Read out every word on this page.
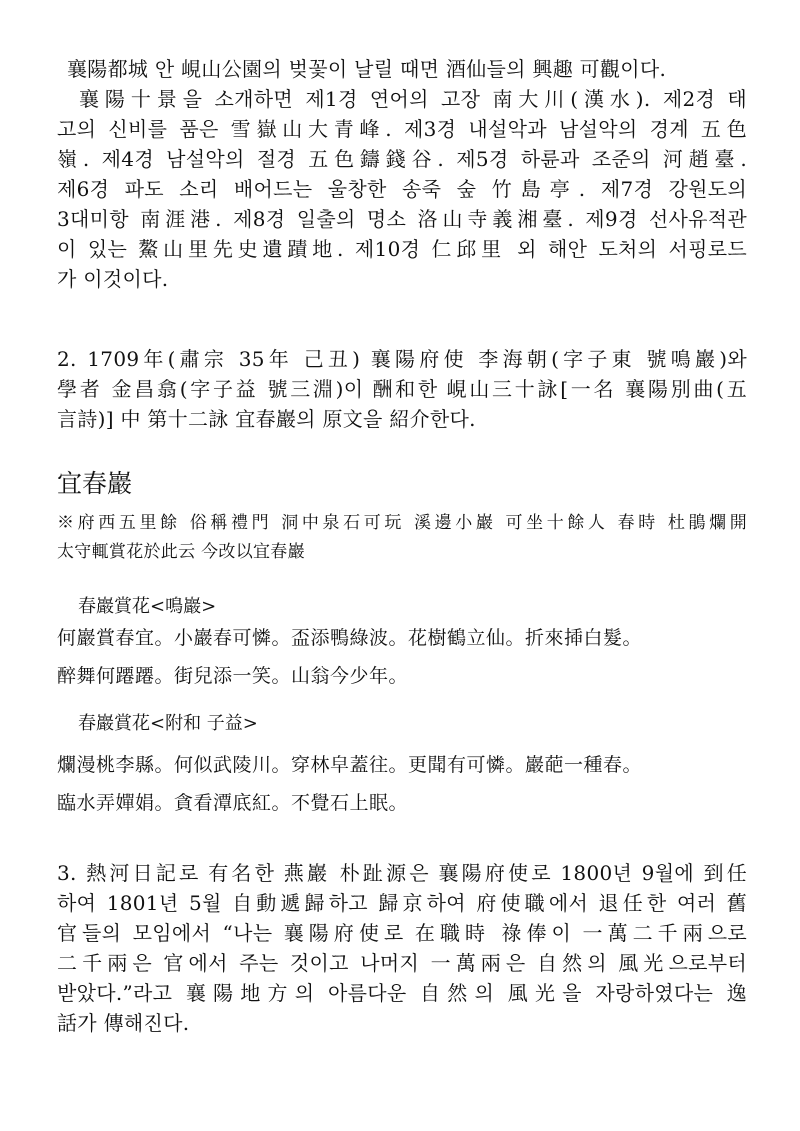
襄陽都城 안 峴山公園의 벚꽃이 날릴 때면 酒仙들의 興趣 可觀이다.
襄陽十景을 소개하면 제1경 연어의 고장 南大川(漢水). 제2경 태
고의 신비를 품은 雪嶽山大青峰. 제3경 내설악과 남설악의 경계 五色
嶺. 제4경 남설악의 절경 五色鑄錢谷. 제5경 하륜과 조준의 河趙臺.
제6경 파도 소리 배어드는 울창한 송죽 숲 竹島亭. 제7경 강원도의
3대미항 南涯港. 제8경 일출의 명소 洛山寺義湘臺. 제9경 선사유적관
이 있는 鰲山里先史遺蹟地. 제10경 仁邱里 외 해안 도처의 서핑로드
가 이것이다.
2. 1709年(肅宗 35年 己丑) 襄陽府使 李海朝(字子東 號鳴巖)와
學者 金昌翕(字子益 號三淵)이 酬和한 峴山三十詠[一名 襄陽別曲(五
言詩)] 中 第十二詠 宜春巖의 原文을 紹介한다.
宜春巖
※府西五里餘 俗稱禮門 洞中泉石可玩 溪邊小巖 可坐十餘人 春時 杜鵑爛開
太守輒賞花於此云 今改以宜春巖
春巖賞花<鳴巖>
何巖賞春宜。小巖春可憐。盃添鴨綠波。花樹鶴立仙。折來揷白髮。
醉舞何蹮蹮。街兒添一笑。山翁今少年。
春巖賞花<附和 子益>
爛漫桃李縣。何似武陵川。穿林皁蓋往。更聞有可憐。巖葩一種春。
臨水弄嬋娟。貪看潭底紅。不覺石上眠。
3. 熱河日記로 有名한 燕巖 朴趾源은 襄陽府使로 1800년 9월에 到任
하여 1801년 5월 自動遞歸하고 歸京하여 府使職에서 退任한 여러 舊
官들의 모임에서 “나는 襄陽府使로 在職時 祿俸이 一萬二千兩으로
二千兩은 官에서 주는 것이고 나머지 一萬兩은 自然의 風光으로부터
받았다.”라고 襄陽地方의 아름다운 自然의 風光을 자랑하였다는 逸
話가 傳해진다.
